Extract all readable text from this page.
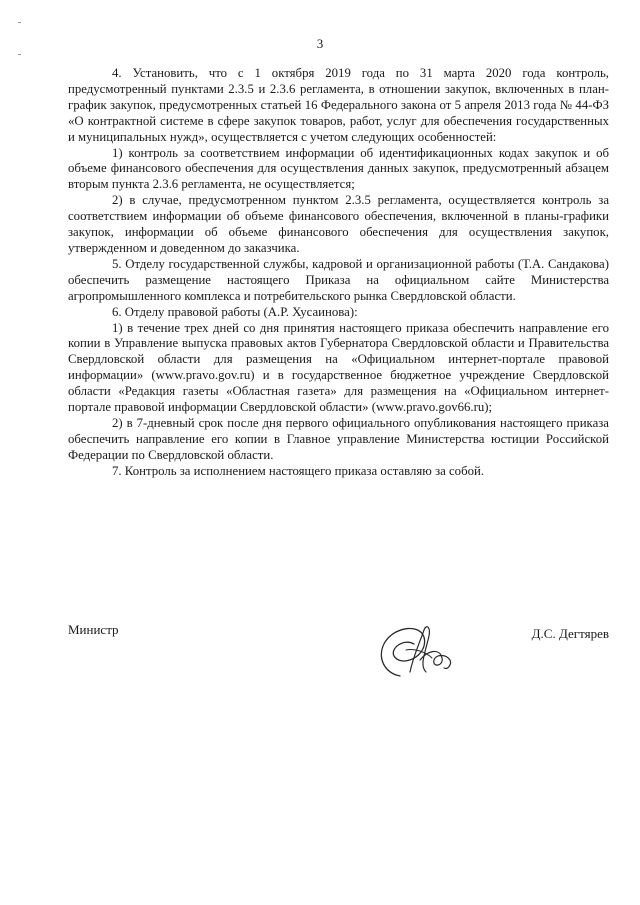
3

4. Установить, что с 1 октября 2019 года по 31 марта 2020 года контроль, предусмотренный пунктами 2.3.5 и 2.3.6 регламента, в отношении закупок, включенных в план-график закупок, предусмотренных статьей 16 Федерального закона от 5 апреля 2013 года № 44-ФЗ «О контрактной системе в сфере закупок товаров, работ, услуг для обеспечения государственных и муниципальных нужд», осуществляется с учетом следующих особенностей:

1) контроль за соответствием информации об идентификационных кодах закупок и об объеме финансового обеспечения для осуществления данных закупок, предусмотренный абзацем вторым пункта 2.3.6 регламента, не осуществляется;

2) в случае, предусмотренном пунктом 2.3.5 регламента, осуществляется контроль за соответствием информации об объеме финансового обеспечения, включенной в планы-графики закупок, информации об объеме финансового обеспечения для осуществления закупок, утвержденном и доведенном до заказчика.

5. Отделу государственной службы, кадровой и организационной работы (Т.А. Сандакова) обеспечить размещение настоящего Приказа на официальном сайте Министерства агропромышленного комплекса и потребительского рынка Свердловской области.

6. Отделу правовой работы (А.Р. Хусаинова):

1) в течение трех дней со дня принятия настоящего приказа обеспечить направление его копии в Управление выпуска правовых актов Губернатора Свердловской области и Правительства Свердловской области для размещения на «Официальном интернет-портале правовой информации» (www.pravo.gov.ru) и в государственное бюджетное учреждение Свердловской области «Редакция газеты «Областная газета» для размещения на «Официальном интернет-портале правовой информации Свердловской области» (www.pravo.gov66.ru);

2) в 7-дневный срок после дня первого официального опубликования настоящего приказа обеспечить направление его копии в Главное управление Министерства юстиции Российской Федерации по Свердловской области.

7. Контроль за исполнением настоящего приказа оставляю за собой.

Министр	Д.С. Дегтярев
